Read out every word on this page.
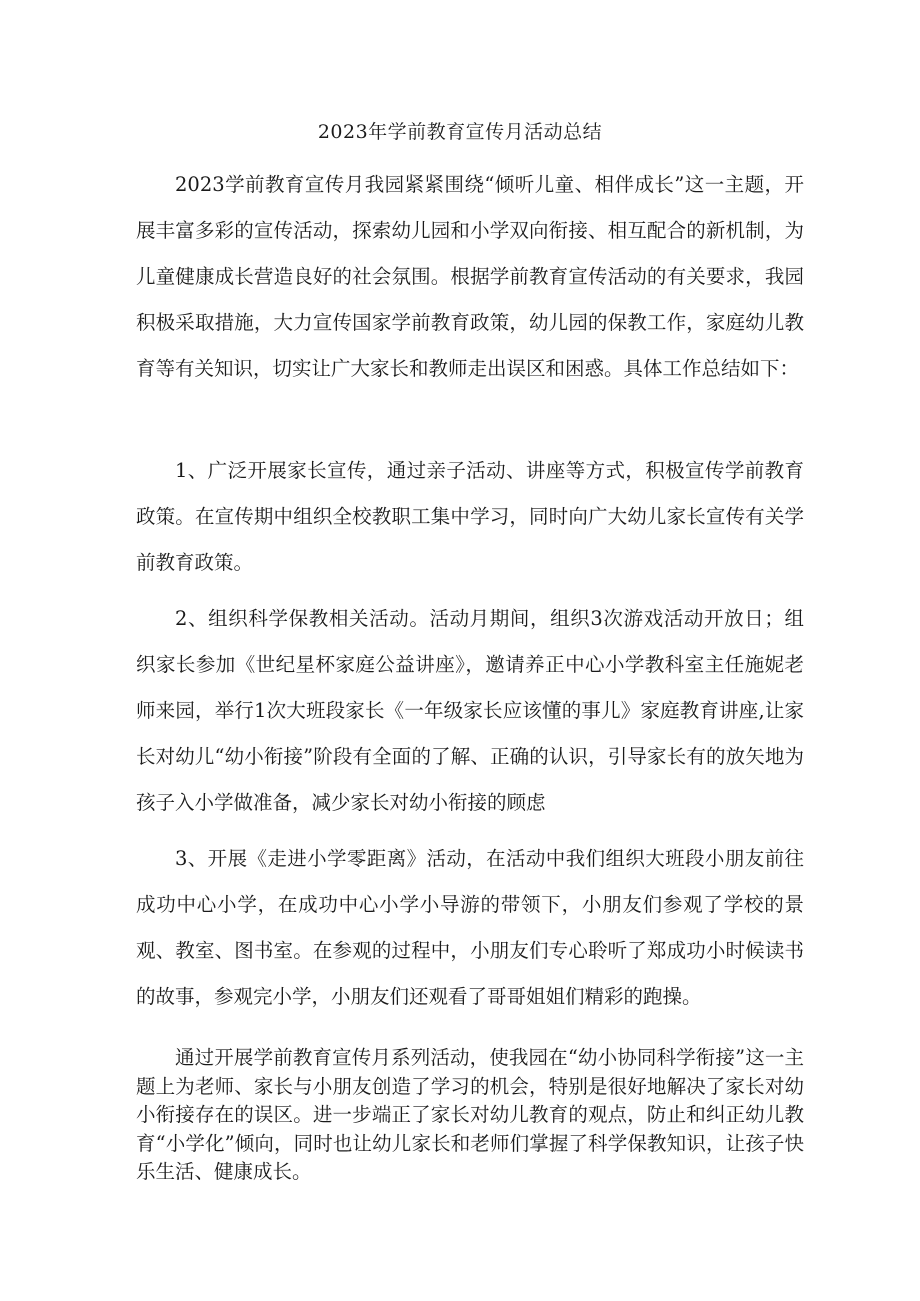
2023年学前教育宣传月活动总结

2023学前教育宣传月我园紧紧围绕“倾听儿童、相伴成长”这一主题，开展丰富多彩的宣传活动，探索幼儿园和小学双向衔接、相互配合的新机制，为儿童健康成长营造良好的社会氛围。根据学前教育宣传活动的有关要求，我园积极采取措施，大力宣传国家学前教育政策，幼儿园的保教工作，家庭幼儿教育等有关知识，切实让广大家长和教师走出误区和困惑。具体工作总结如下：

1、广泛开展家长宣传，通过亲子活动、讲座等方式，积极宣传学前教育政策。在宣传期中组织全校教职工集中学习，同时向广大幼儿家长宣传有关学前教育政策。

2、组织科学保教相关活动。活动月期间，组织3次游戏活动开放日；组织家长参加《世纪星杯家庭公益讲座》，邀请养正中心小学教科室主任施妮老师来园，举行1次大班段家长《一年级家长应该懂的事儿》家庭教育讲座,让家长对幼儿“幼小衔接”阶段有全面的了解、正确的认识，引导家长有的放矢地为孩子入小学做准备，减少家长对幼小衔接的顾虑

3、开展《走进小学零距离》活动，在活动中我们组织大班段小朋友前往成功中心小学，在成功中心小学小导游的带领下，小朋友们参观了学校的景观、教室、图书室。在参观的过程中，小朋友们专心聆听了郑成功小时候读书的故事，参观完小学，小朋友们还观看了哥哥姐姐们精彩的跑操。

通过开展学前教育宣传月系列活动，使我园在“幼小协同科学衔接”这一主题上为老师、家长与小朋友创造了学习的机会，特别是很好地解决了家长对幼小衔接存在的误区。进一步端正了家长对幼儿教育的观点，防止和纠正幼儿教育“小学化”倾向，同时也让幼儿家长和老师们掌握了科学保教知识，让孩子快乐生活、健康成长。
